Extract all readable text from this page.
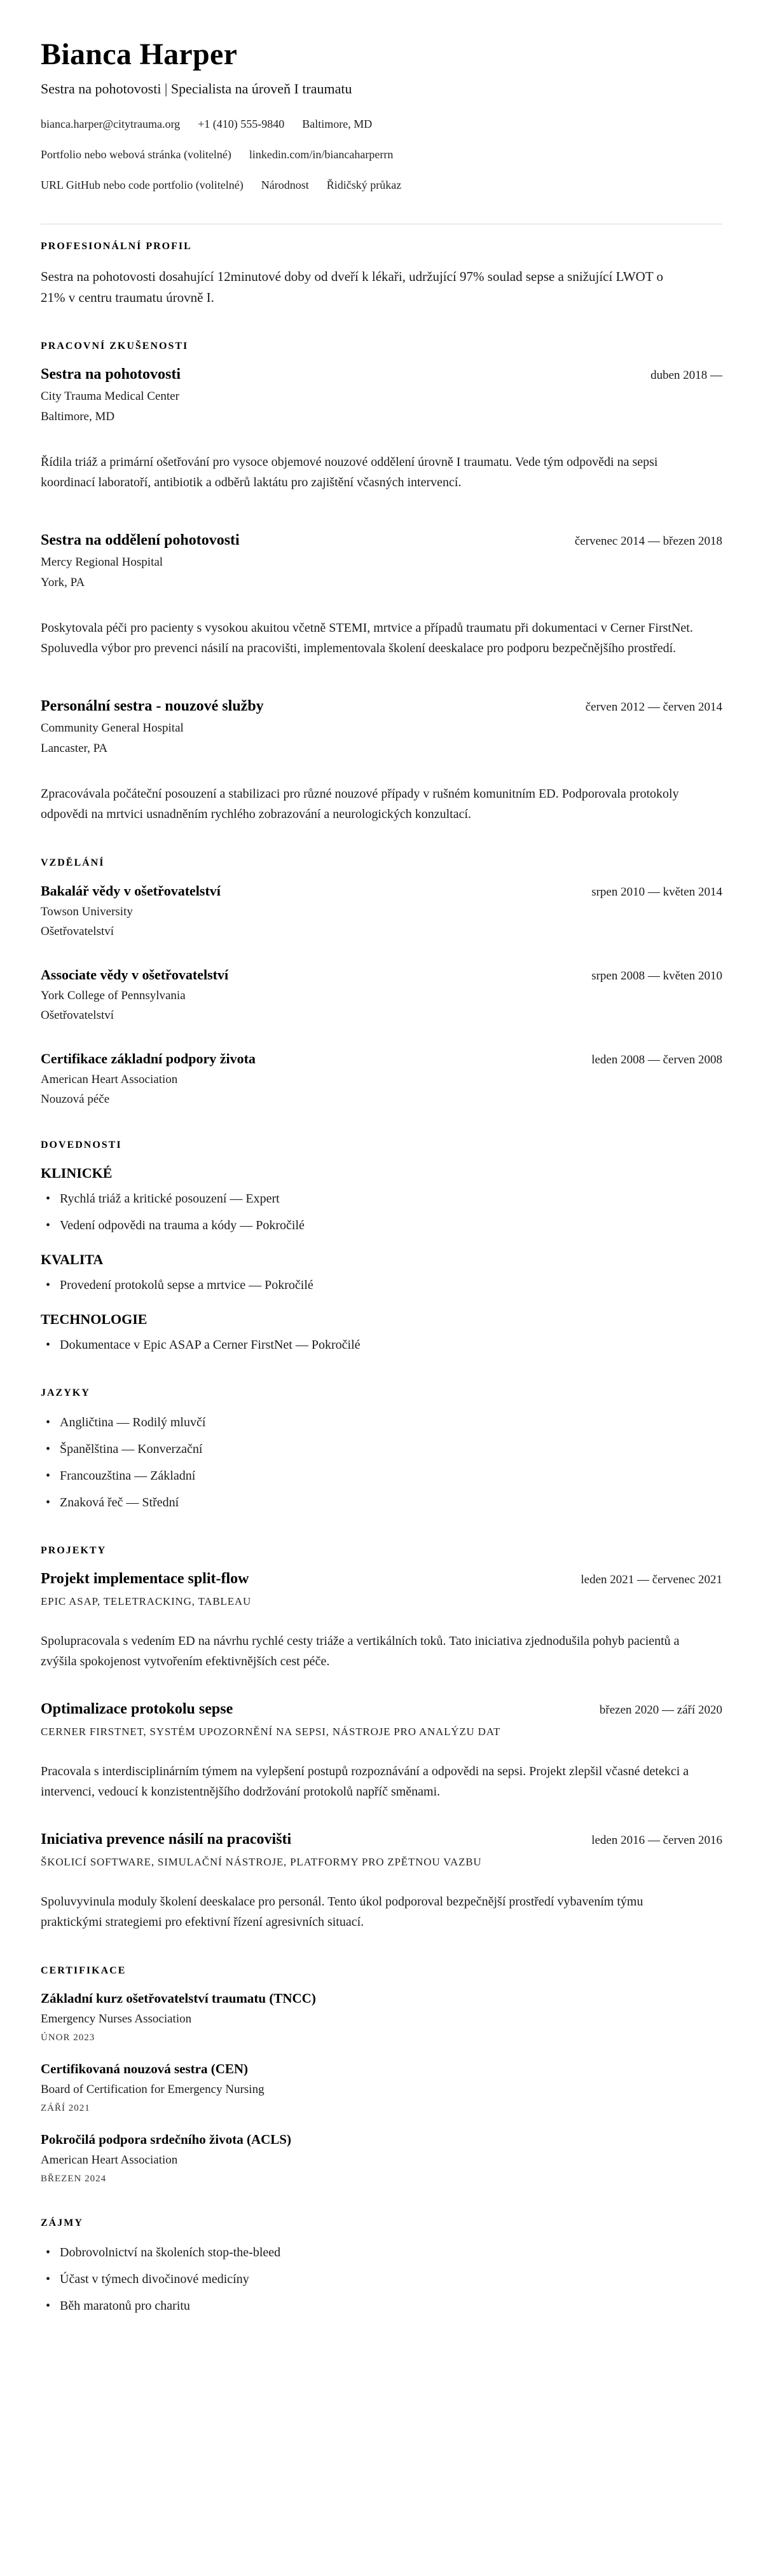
Bianca Harper

Sestra na pohotovosti | Specialista na úroveň I traumatu

bianca.harper@citytrauma.org +1 (410) 555-9840 Baltimore, MD
Portfolio nebo webová stránka (volitelné) linkedin.com/in/biancaharperrn
URL GitHub nebo code portfolio (volitelné) Národnost Řidičský průkaz
PROFESIONÁLNÍ PROFIL

Sestra na pohotovosti dosahující 12minutové doby od dveří k lékaři, udržující 97% soulad sepse a snižující LWOT o 21% v centru traumatu úrovně I.

PRACOVNÍ ZKUŠENOSTI
Sestra na pohotovosti	duben 2018 —

City Trauma Medical Center

Baltimore, MD

Řídila triáž a primární ošetřování pro vysoce objemové nouzové oddělení úrovně I traumatu. Vede tým odpovědi na sepsi koordinací laboratoří, antibiotik a odběrů laktátu pro zajištění včasných intervencí.

Sestra na oddělení pohotovosti	červenec 2014 — březen 2018

Mercy Regional Hospital

York, PA

Poskytovala péči pro pacienty s vysokou akuitou včetně STEMI, mrtvice a případů traumatu při dokumentaci v Cerner FirstNet. Spoluvedla výbor pro prevenci násilí na pracovišti, implementovala školení deeskalace pro podporu bezpečnějšího prostředí.

Personální sestra - nouzové služby	červen 2012 — červen 2014

Community General Hospital

Lancaster, PA

Zpracovávala počáteční posouzení a stabilizaci pro různé nouzové případy v rušném komunitním ED. Podporovala protokoly odpovědi na mrtvici usnadněním rychlého zobrazování a neurologických konzultací.

VZDĚLÁNÍ
Bakalář vědy v ošetřovatelství	srpen 2010 — květen 2014

Towson University

Ošetřovatelství

Associate vědy v ošetřovatelství	srpen 2008 — květen 2010

York College of Pennsylvania

Ošetřovatelství

Certifikace základní podpory života	leden 2008 — červen 2008

American Heart Association

Nouzová péče

DOVEDNOSTI
KLINICKÉ
• Rychlá triáž a kritické posouzení — Expert
• Vedení odpovědi na trauma a kódy — Pokročilé
KVALITA
• Provedení protokolů sepse a mrtvice — Pokročilé
TECHNOLOGIE
• Dokumentace v Epic ASAP a Cerner FirstNet — Pokročilé
JAZYKY
• Angličtina — Rodilý mluvčí
• Španělština — Konverzační
• Francouzština — Základní
• Znaková řeč — Střední
PROJEKTY
Projekt implementace split-flow	leden 2021 — červenec 2021

EPIC ASAP, TELETRACKING, TABLEAU

Spolupracovala s vedením ED na návrhu rychlé cesty triáže a vertikálních toků. Tato iniciativa zjednodušila pohyb pacientů a zvýšila spokojenost vytvořením efektivnějších cest péče.

Optimalizace protokolu sepse	březen 2020 — září 2020

CERNER FIRSTNET, SYSTÉM UPOZORNĚNÍ NA SEPSI, NÁSTROJE PRO ANALÝZU DAT

Pracovala s interdisciplinárním týmem na vylepšení postupů rozpoznávání a odpovědi na sepsi. Projekt zlepšil včasné detekci a intervenci, vedoucí k konzistentnějšího dodržování protokolů napříč směnami.

Iniciativa prevence násilí na pracovišti	leden 2016 — červen 2016

ŠKOLICÍ SOFTWARE, SIMULAČNÍ NÁSTROJE, PLATFORMY PRO ZPĚTNOU VAZBU

Spoluvyvinula moduly školení deeskalace pro personál. Tento úkol podporoval bezpečnější prostředí vybavením týmu praktickými strategiemi pro efektivní řízení agresivních situací.

CERTIFIKACE
Základní kurz ošetřovatelství traumatu (TNCC)

Emergency Nurses Association

ÚNOR 2023

Certifikovaná nouzová sestra (CEN)

Board of Certification for Emergency Nursing

ZÁŘÍ 2021

Pokročilá podpora srdečního života (ACLS)

American Heart Association

BŘEZEN 2024

ZÁJMY
• Dobrovolnictví na školeních stop-the-bleed
• Účast v týmech divočinové medicíny
• Běh maratonů pro charitu
